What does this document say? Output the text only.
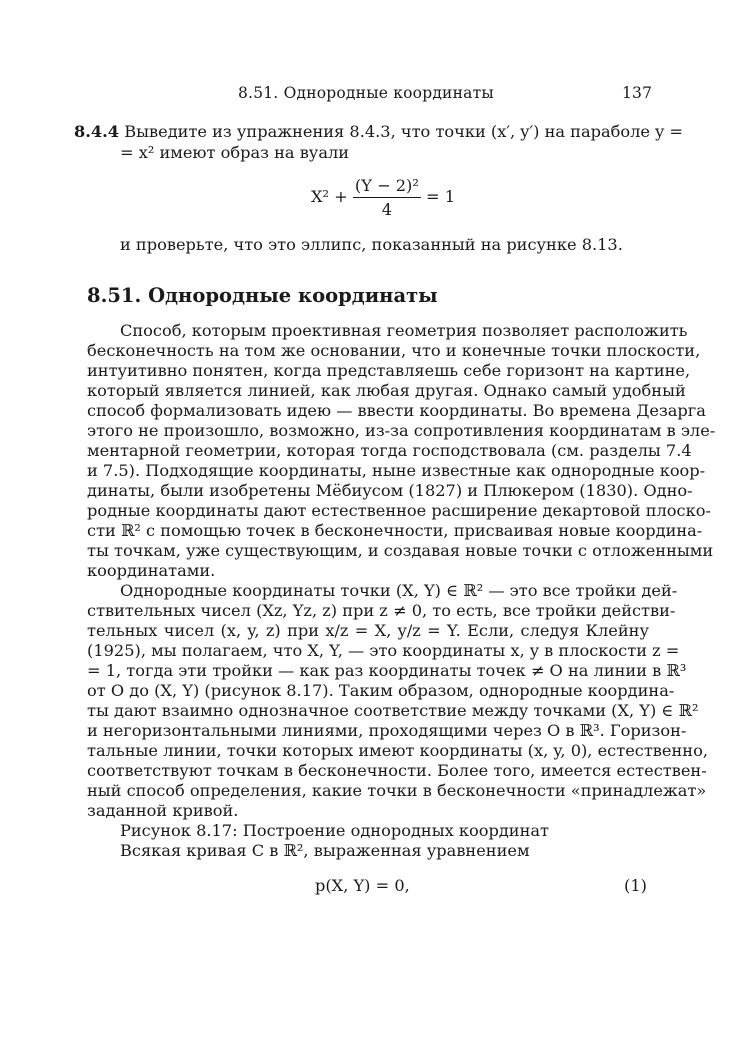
8.51. Однородные координаты	137
8.4.4 Выведите из упражнения 8.4.3, что точки (x′, y′) на параболе y =
= x² имеют образ на вуали
$X^2 + \frac{\text{(Y − 2)²}}{4} = 1$
и проверьте, что это эллипс, показанный на рисунке 8.13.
8.51. Однородные координаты
Способ, которым проективная геометрия позволяет расположить
бесконечность на том же основании, что и конечные точки плоскости,
интуитивно понятен, когда представляешь себе горизонт на картине,
который является линией, как любая другая. Однако самый удобный
способ формализовать идею — ввести координаты. Во времена Дезарга
этого не произошло, возможно, из-за сопротивления координатам в эле-
ментарной геометрии, которая тогда господствовала (см. разделы 7.4
и 7.5). Подходящие координаты, ныне известные как однородные коор-
динаты, были изобретены Мёбиусом (1827) и Плюкером (1830). Одно-
родные координаты дают естественное расширение декартовой плоско-
сти ℝ² с помощью точек в бесконечности, присваивая новые координа-
ты точкам, уже существующим, и создавая новые точки с отложенными
координатами.
Однородные координаты точки (X, Y) ∈ ℝ² — это все тройки дей-
ствительных чисел (Xz, Yz, z) при z ≠ 0, то есть, все тройки действи-
тельных чисел (x, y, z) при x/z = X, y/z = Y. Если, следуя Клейну
(1925), мы полагаем, что X, Y, — это координаты x, y в плоскости z =
= 1, тогда эти тройки — как раз координаты точек ≠ O на линии в ℝ³
от O до (X, Y) (рисунок 8.17). Таким образом, однородные координа-
ты дают взаимно однозначное соответствие между точками (X, Y) ∈ ℝ²
и негоризонтальными линиями, проходящими через O в ℝ³. Горизон-
тальные линии, точки которых имеют координаты (x, y, 0), естественно,
соответствуют точкам в бесконечности. Более того, имеется естествен-
ный способ определения, какие точки в бесконечности «принадлежат»
заданной кривой.
Рисунок 8.17: Построение однородных координат
Всякая кривая C в ℝ², выраженная уравнением
p(X, Y) = 0,	(1)
